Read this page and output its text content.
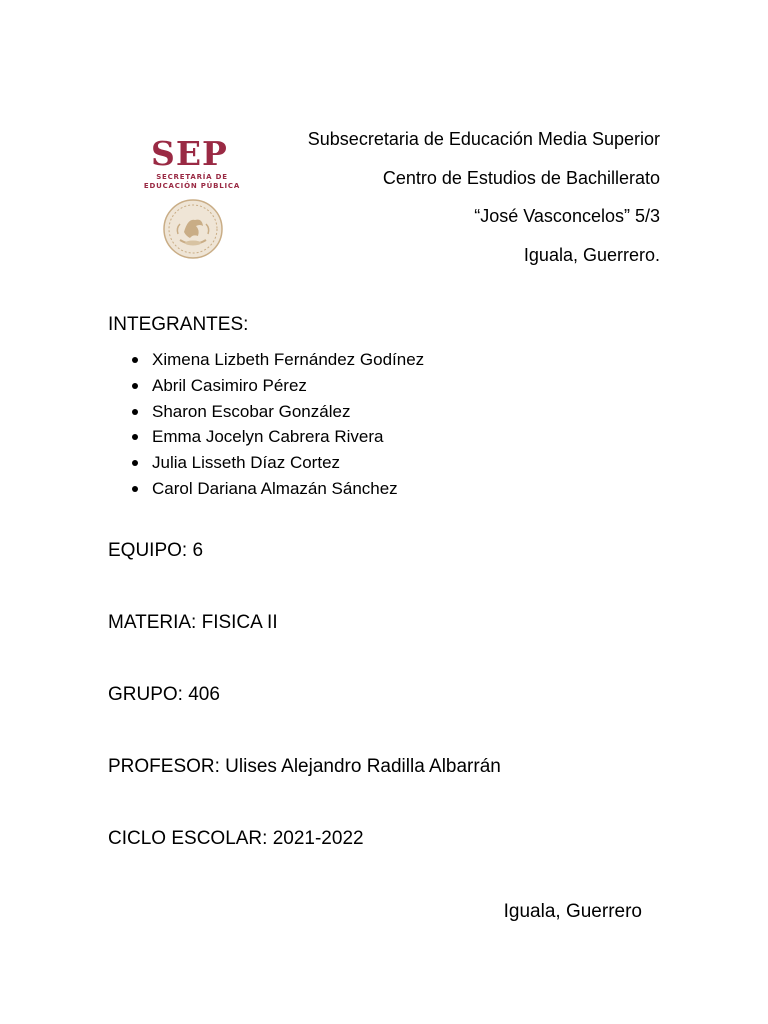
SEP
SECRETARÍA DE
EDUCACIÓN PÚBLICA
Subsecretaria de Educación Media Superior
Centro de Estudios de Bachillerato
“José Vasconcelos” 5/3
Iguala, Guerrero.
INTEGRANTES:
Ximena Lizbeth Fernández Godínez
Abril Casimiro Pérez
Sharon Escobar González
Emma Jocelyn Cabrera Rivera
Julia Lisseth Díaz Cortez
Carol Dariana Almazán Sánchez
EQUIPO: 6
MATERIA: FISICA II
GRUPO: 406
PROFESOR: Ulises Alejandro Radilla Albarrán
CICLO ESCOLAR: 2021-2022
Iguala, Guerrero
